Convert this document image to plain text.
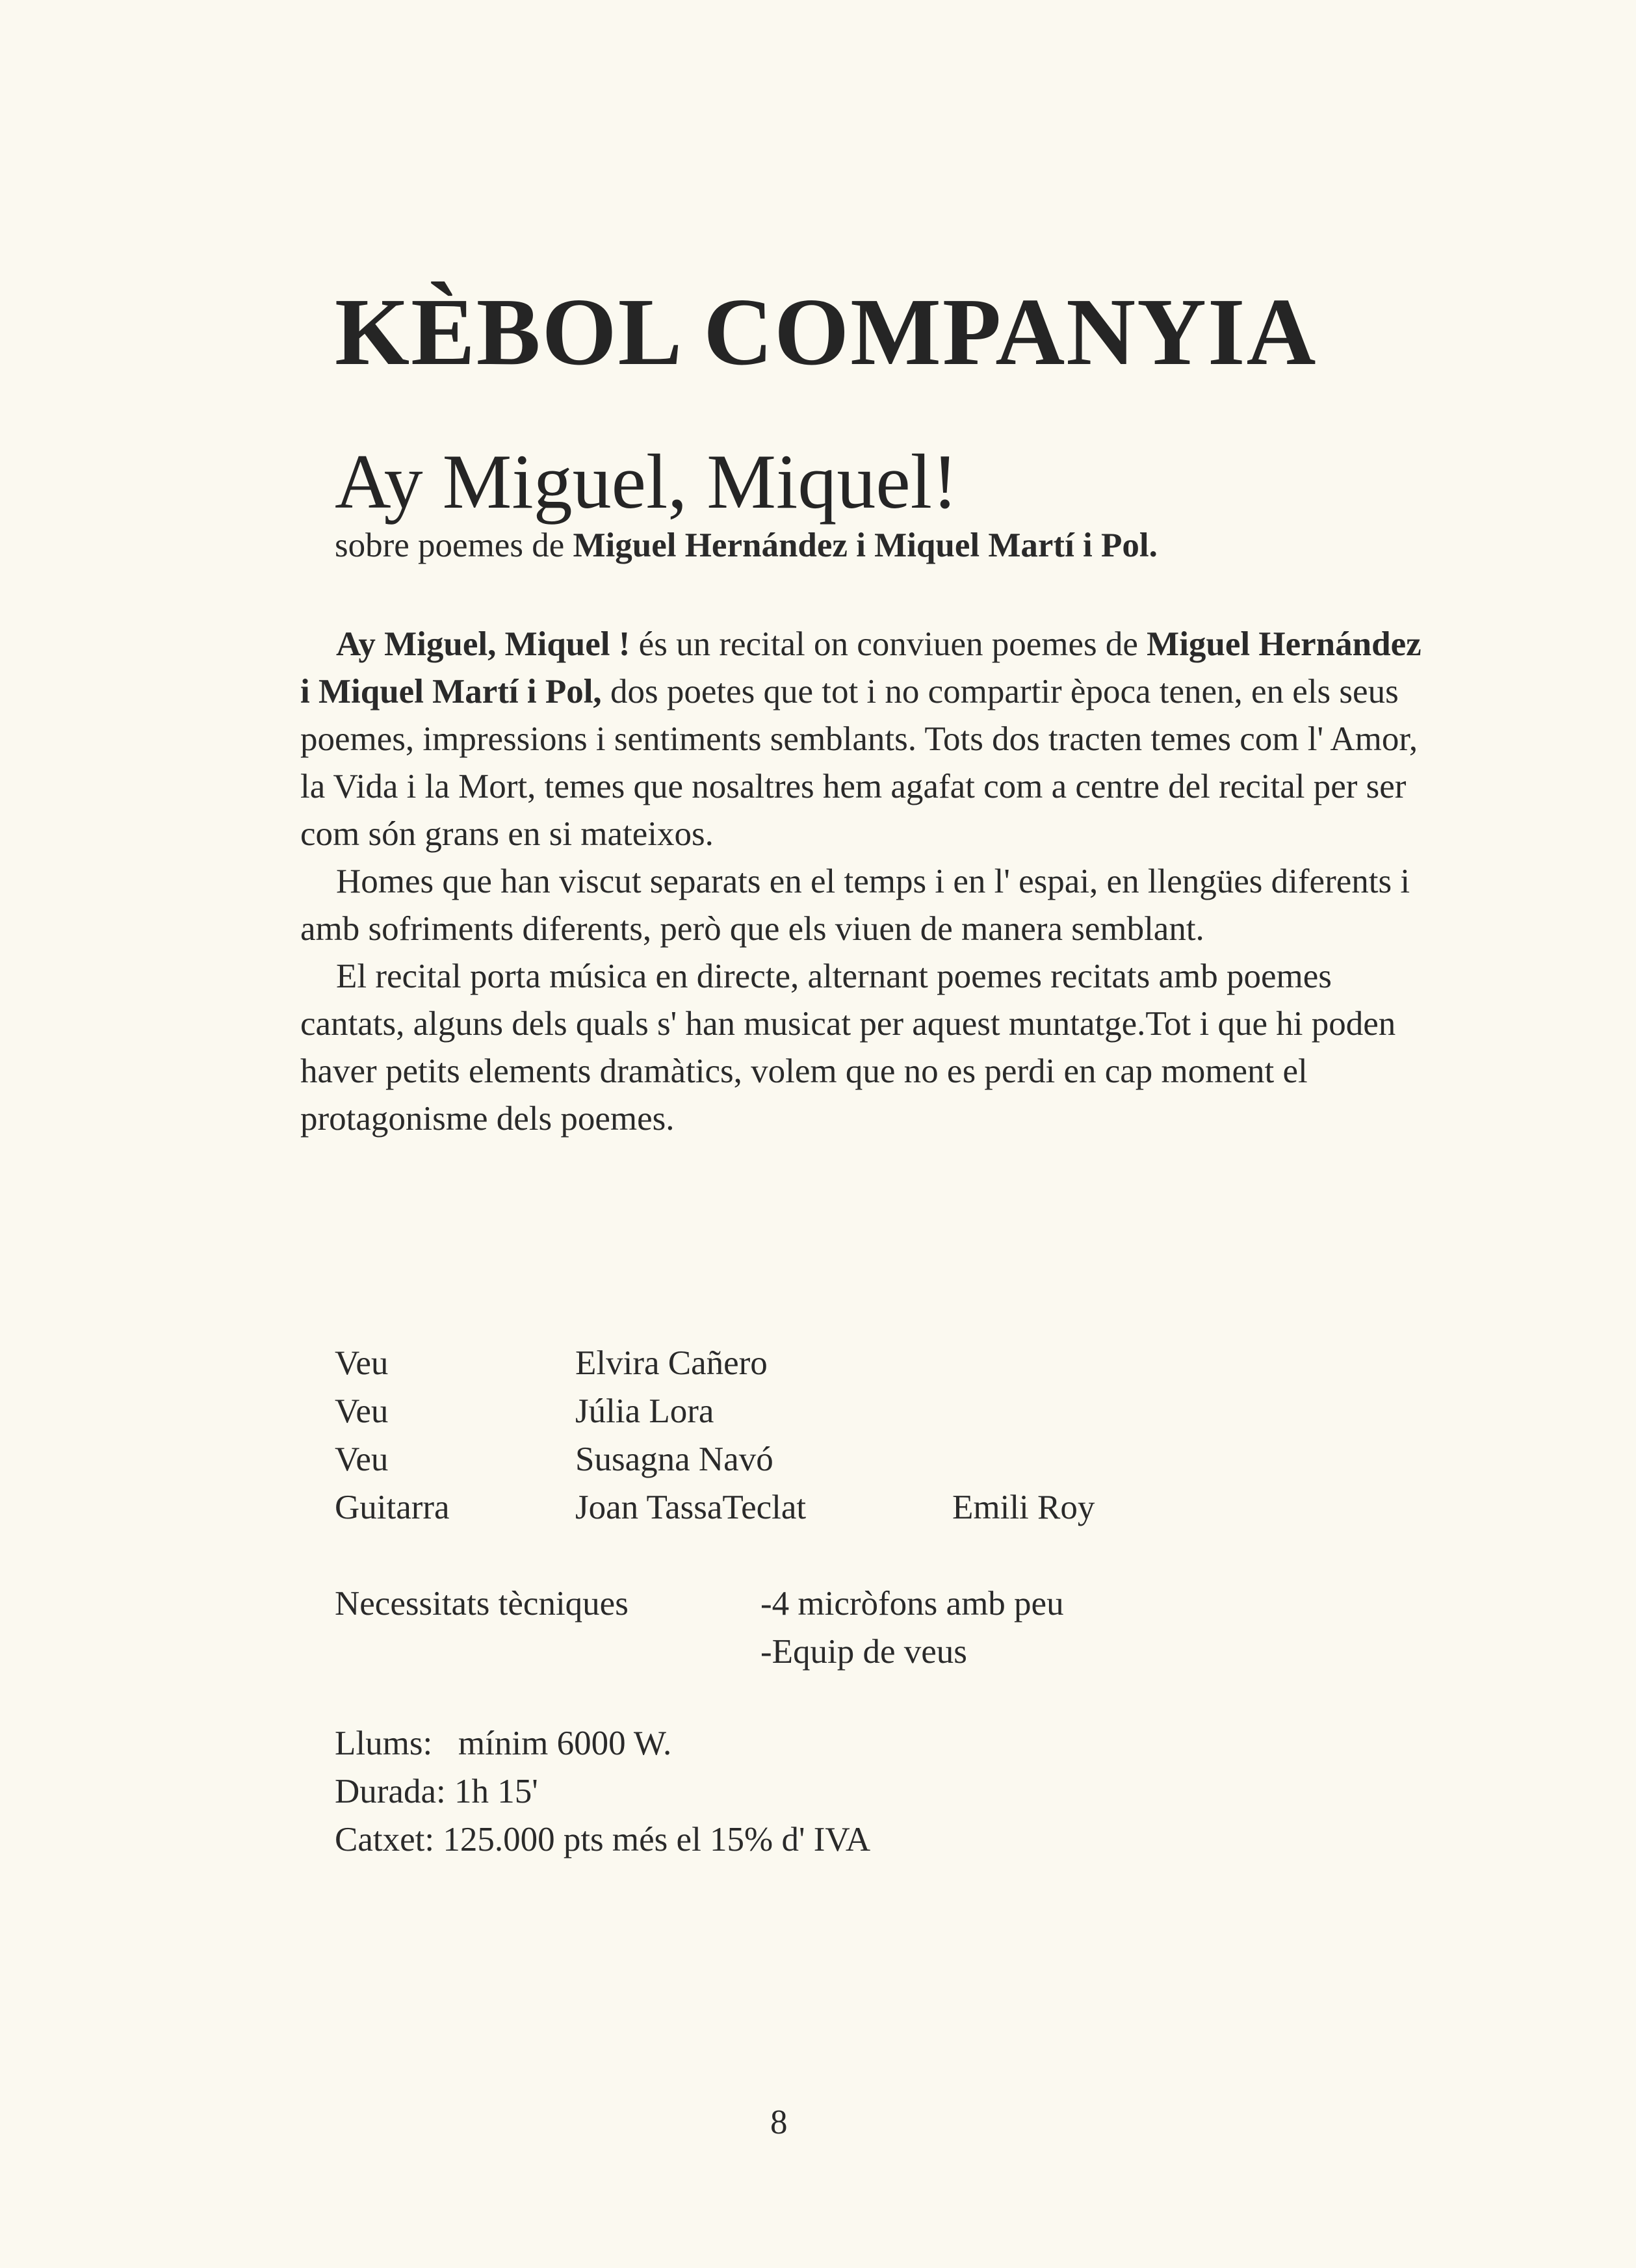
KÈBOL COMPANYIA
Ay Miguel, Miquel!
sobre poemes de Miguel Hernández i Miquel Martí i Pol.

Ay Miguel, Miquel ! és un recital on conviuen poemes de Miguel Hernández i Miquel Martí i Pol, dos poetes que tot i no compartir època tenen, en els seus poemes, impressions i sentiments semblants. Tots dos tracten temes com l' Amor, la Vida i la Mort, temes que nosaltres hem agafat com a centre del recital per ser com són grans en si mateixos.

Homes que han viscut separats en el temps i en l' espai, en llengües diferents i amb sofriments diferents, però que els viuen de manera semblant.

El recital porta música en directe, alternant poemes recitats amb poemes cantats, alguns dels quals s' han musicat per aquest muntatge.Tot i que hi poden haver petits elements dramàtics, volem que no es perdi en cap moment el protagonisme dels poemes.

Veu	Elvira Cañero
Veu	Júlia Lora
Veu	Susagna Navó
Guitarra	Joan TassaTeclat	Emili Roy
Necessitats tècniques	-4 micròfons amb peu
-Equip de veus
Llums:   mínim 6000 W.
Durada: 1h 15'
Catxet: 125.000 pts més el 15% d' IVA
8
